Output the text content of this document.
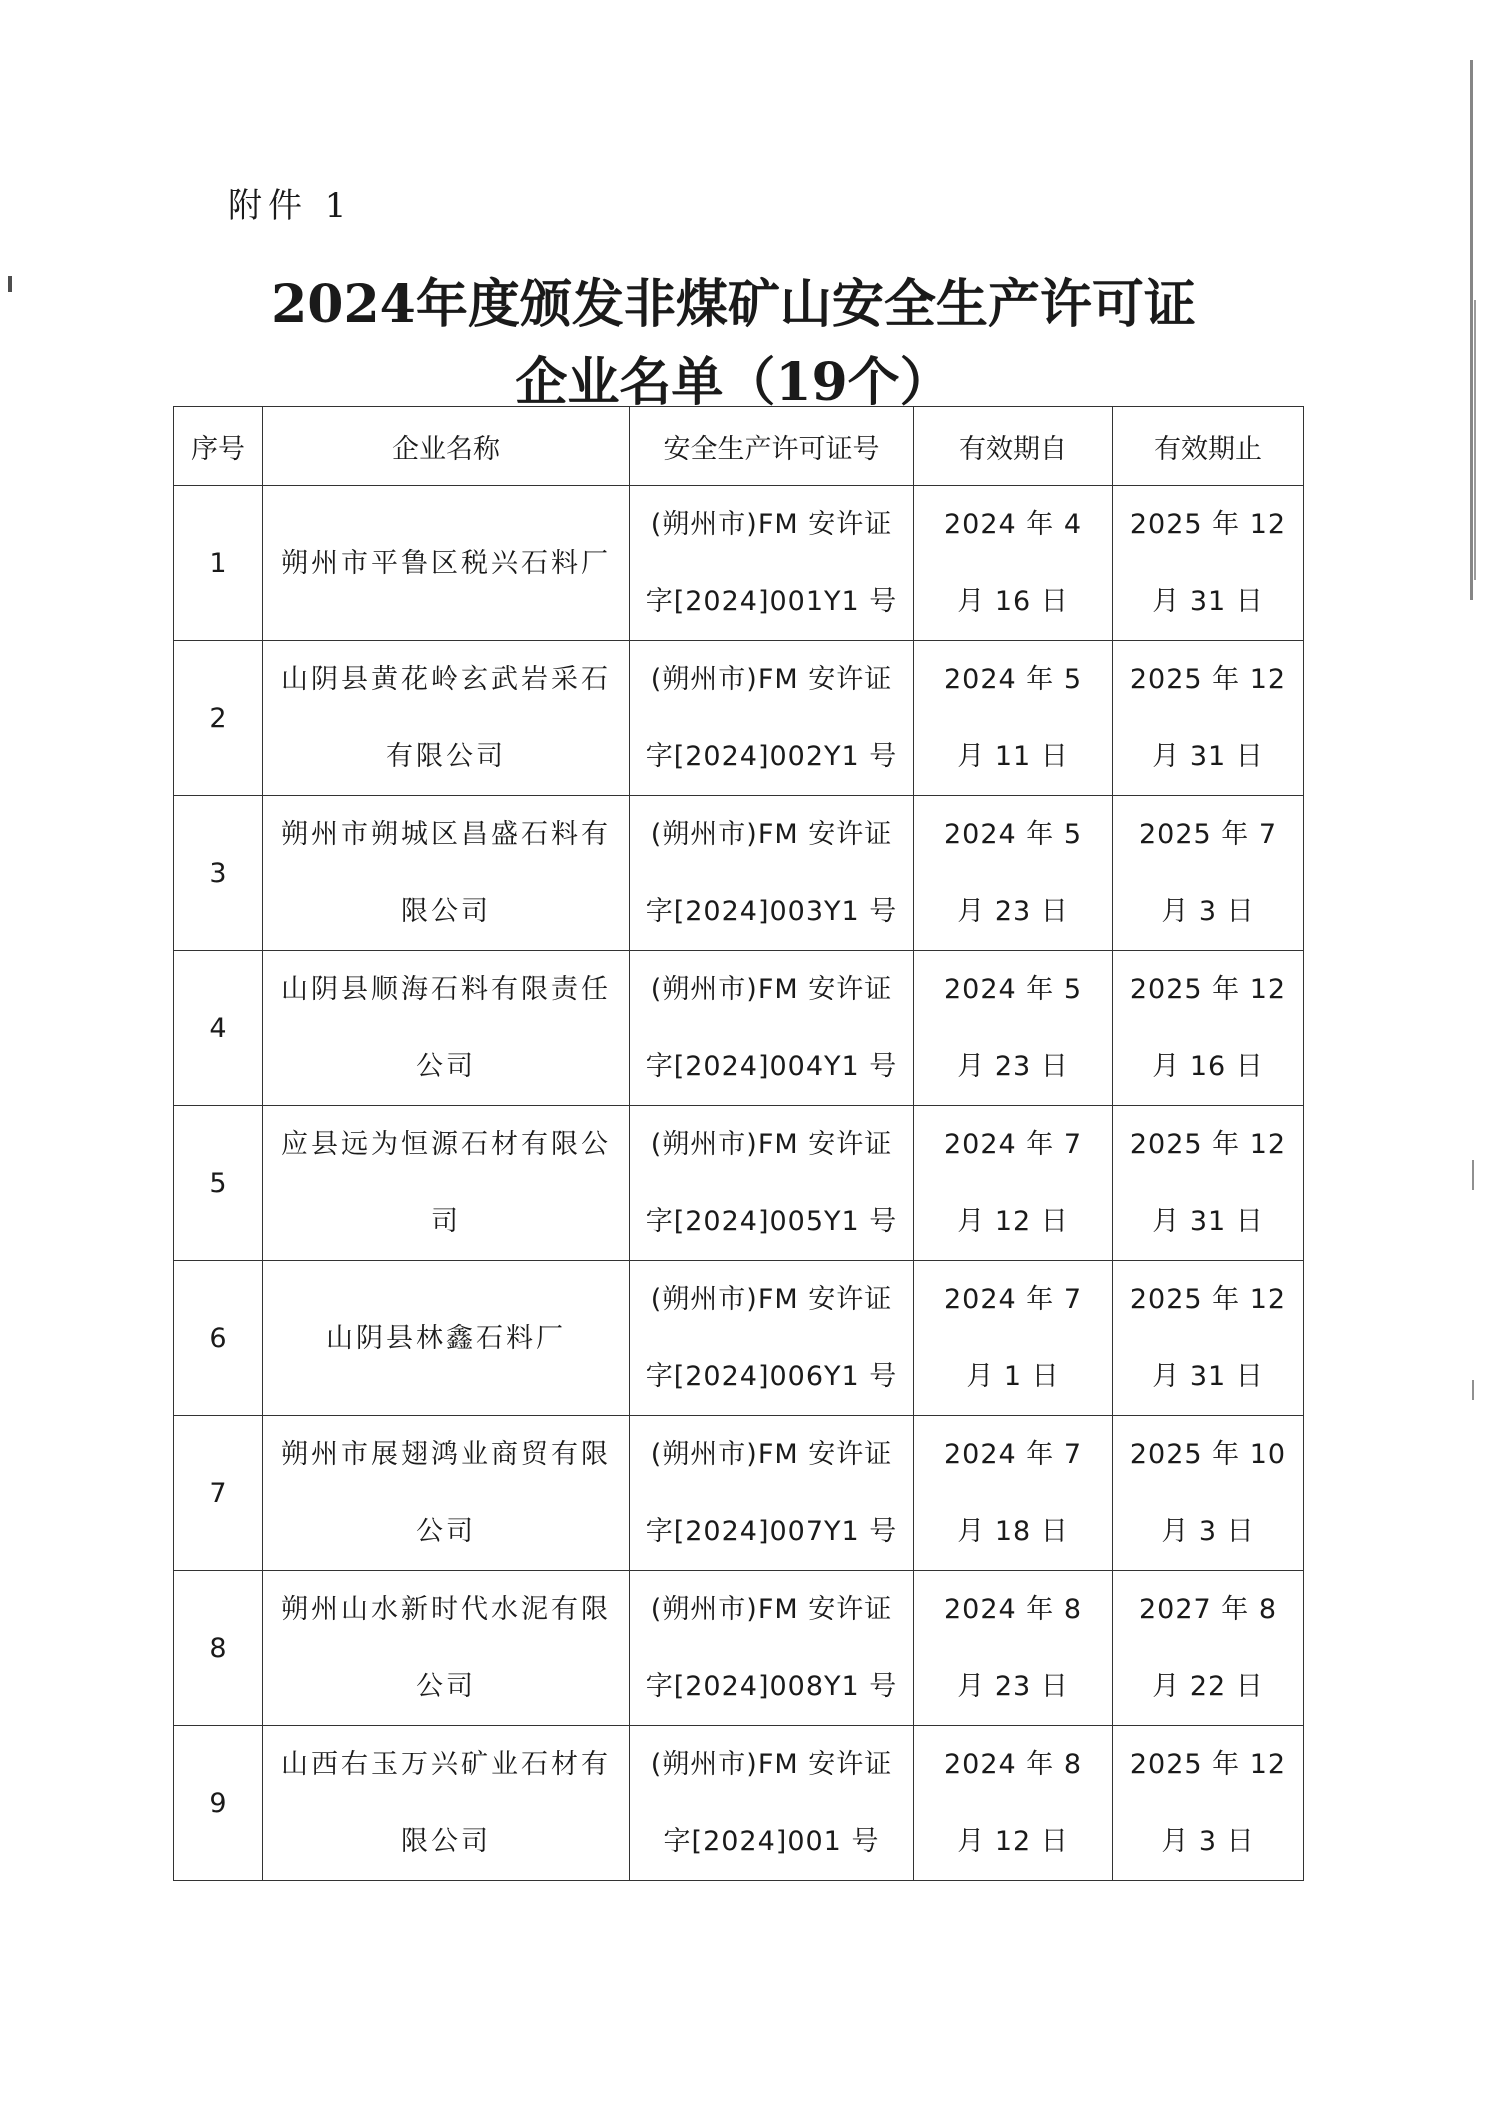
附件 1
2024年度颁发非煤矿山安全生产许可证
企业名单（19个）
序号	企业名称	安全生产许可证号	有效期自	有效期止
1	朔州市平鲁区税兴石料厂	(朔州市)FM 安许证字[2024]001Y1 号	2024 年 4 月 16 日	2025 年 12 月 31 日

2	山阴县黄花岭玄武岩采石有限公司	(朔州市)FM 安许证字[2024]002Y1 号	2024 年 5 月 11 日	2025 年 12 月 31 日

3	朔州市朔城区昌盛石料有限公司	(朔州市)FM 安许证字[2024]003Y1 号	2024 年 5 月 23 日	2025 年 7 月 3 日

4	山阴县顺海石料有限责任公司	(朔州市)FM 安许证字[2024]004Y1 号	2024 年 5 月 23 日	2025 年 12 月 16 日

5	应县远为恒源石材有限公司	(朔州市)FM 安许证字[2024]005Y1 号	2024 年 7 月 12 日	2025 年 12 月 31 日

6	山阴县林鑫石料厂	(朔州市)FM 安许证字[2024]006Y1 号	2024 年 7 月 1 日	2025 年 12 月 31 日

7	朔州市展翅鸿业商贸有限公司	(朔州市)FM 安许证字[2024]007Y1 号	2024 年 7 月 18 日	2025 年 10 月 3 日

8	朔州山水新时代水泥有限公司	(朔州市)FM 安许证字[2024]008Y1 号	2024 年 8 月 23 日	2027 年 8 月 22 日

9	山西右玉万兴矿业石材有限公司	(朔州市)FM 安许证字[2024]001 号	2024 年 8 月 12 日	2025 年 12 月 3 日
